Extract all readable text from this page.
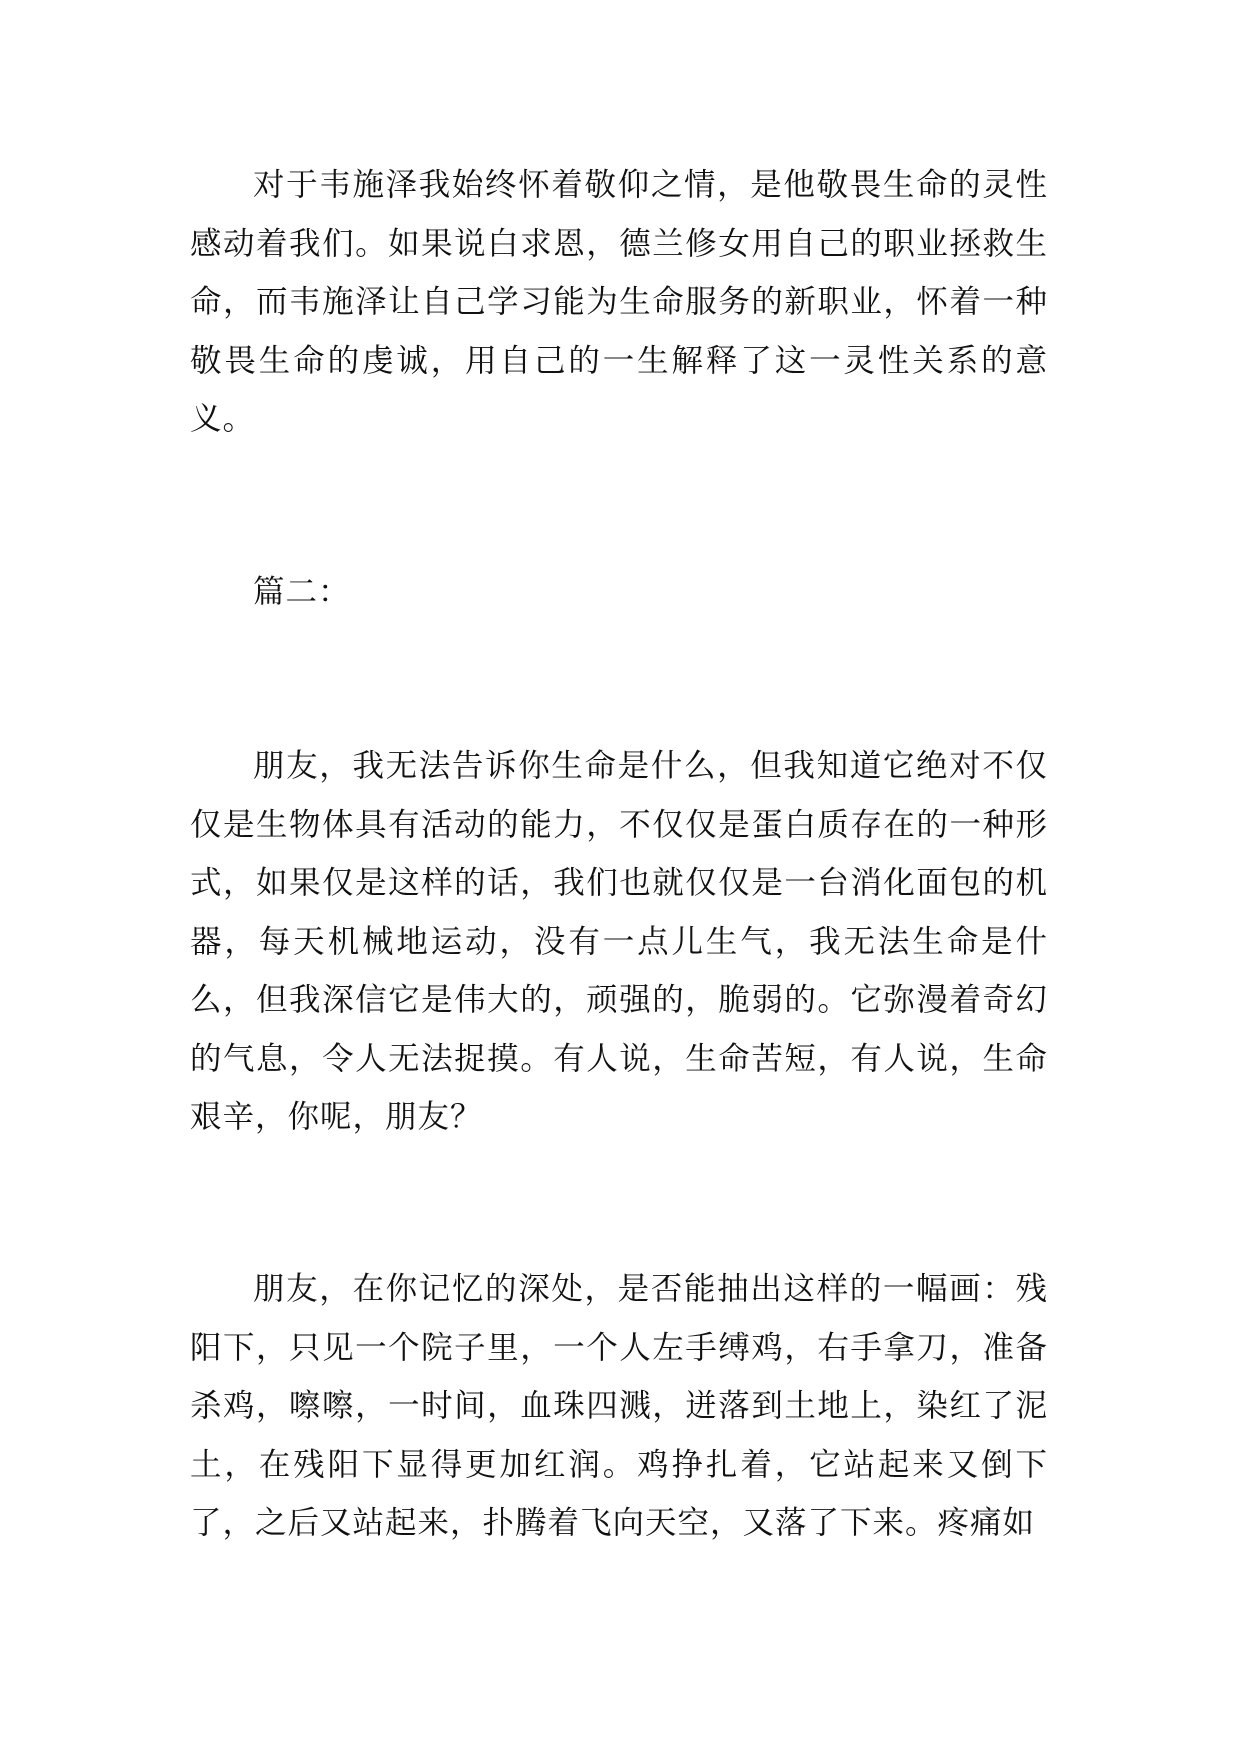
对于韦施泽我始终怀着敬仰之情，是他敬畏生命的灵性感动着我们。如果说白求恩，德兰修女用自己的职业拯救生命，而韦施泽让自己学习能为生命服务的新职业，怀着一种敬畏生命的虔诚，用自己的一生解释了这一灵性关系的意义。

篇二：

朋友，我无法告诉你生命是什么，但我知道它绝对不仅仅是生物体具有活动的能力，不仅仅是蛋白质存在的一种形式，如果仅是这样的话，我们也就仅仅是一台消化面包的机器，每天机械地运动，没有一点儿生气，我无法生命是什么，但我深信它是伟大的，顽强的，脆弱的。它弥漫着奇幻的气息，令人无法捉摸。有人说，生命苦短，有人说，生命艰辛，你呢，朋友？

朋友，在你记忆的深处，是否能抽出这样的一幅画：残阳下，只见一个院子里，一个人左手缚鸡，右手拿刀，准备杀鸡，嚓嚓，一时间，血珠四溅，迸落到土地上，染红了泥土，在残阳下显得更加红润。鸡挣扎着，它站起来又倒下了，之后又站起来，扑腾着飞向天空，又落了下来。疼痛如
